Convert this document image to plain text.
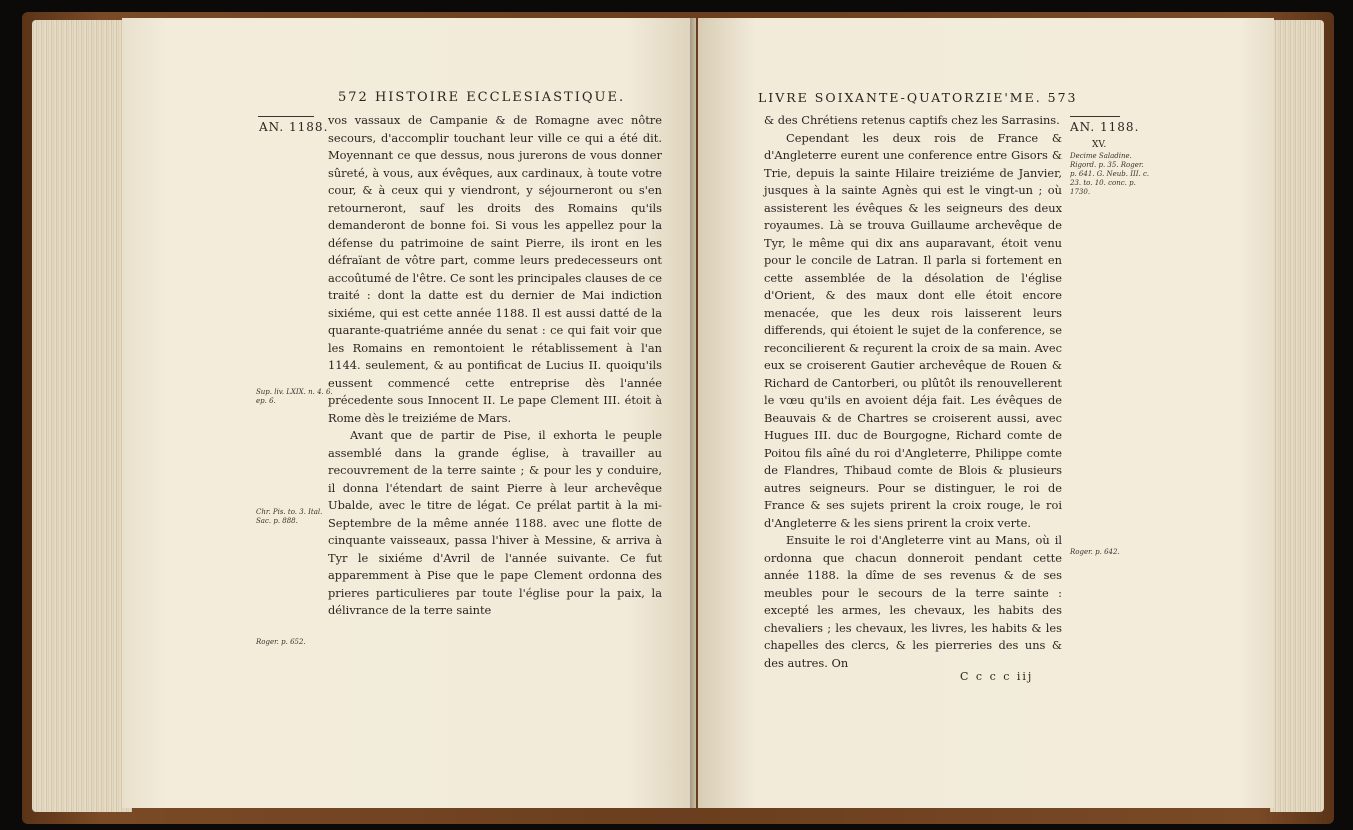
572 HISTOIRE ECCLESIASTIQUE.
AN. 1188.
Sup. liv. LXIX. n. 4. 6. ep. 6.
Chr. Pis. to. 3. Ital. Sac. p. 888.
Roger. p. 652.

vos vassaux de Campanie & de Romagne avec nôtre secours, d'accomplir touchant leur ville ce qui a été dit. Moyennant ce que dessus, nous jurerons de vous donner sûreté, à vous, aux évêques, aux cardinaux, à toute votre cour, & à ceux qui y viendront, y séjourneront ou s'en retourneront, sauf les droits des Romains qu'ils demanderont de bonne foi. Si vous les appellez pour la défense du patrimoine de saint Pierre, ils iront en les défraïant de vôtre part, comme leurs predecesseurs ont accoûtumé de l'être. Ce sont les principales clauses de ce traité : dont la datte est du dernier de Mai indiction sixiéme, qui est cette année 1188. Il est aussi datté de la quarante-quatriéme année du senat : ce qui fait voir que les Romains en remontoient le rétablissement à l'an 1144. seulement, & au pontificat de Lucius II. quoiqu'ils eussent commencé cette entreprise dès l'année précedente sous Innocent II. Le pape Clement III. étoit à Rome dès le treiziéme de Mars.

Avant que de partir de Pise, il exhorta le peuple assemblé dans la grande église, à travailler au recouvrement de la terre sainte ; & pour les y conduire, il donna l'étendart de saint Pierre à leur archevêque Ubalde, avec le titre de légat. Ce prélat partit à la mi-Septembre de la même année 1188. avec une flotte de cinquante vaisseaux, passa l'hiver à Messine, & arriva à Tyr le sixiéme d'Avril de l'année suivante. Ce fut apparemment à Pise que le pape Clement ordonna des prieres particulieres par toute l'église pour la paix, la délivrance de la terre sainte

LIVRE SOIXANTE-QUATORZIE'ME. 573
AN. 1188.
XV.
Decime Saladine. Rigord. p. 35. Roger. p. 641. G. Neub. III. c. 23. to. 10. conc. p. 1730.
Roger. p. 642.

& des Chrétiens retenus captifs chez les Sarrasins.

Cependant les deux rois de France & d'Angleterre eurent une conference entre Gisors & Trie, depuis la sainte Hilaire treiziéme de Janvier, jusques à la sainte Agnès qui est le vingt-un ; où assisterent les évêques & les seigneurs des deux royaumes. Là se trouva Guillaume archevêque de Tyr, le même qui dix ans auparavant, étoit venu pour le concile de Latran. Il parla si fortement en cette assemblée de la désolation de l'église d'Orient, & des maux dont elle étoit encore menacée, que les deux rois laisserent leurs differends, qui étoient le sujet de la conference, se reconcilierent & reçurent la croix de sa main. Avec eux se croiserent Gautier archevêque de Rouen & Richard de Cantorberi, ou plûtôt ils renouvellerent le vœu qu'ils en avoient déja fait. Les évêques de Beauvais & de Chartres se croiserent aussi, avec Hugues III. duc de Bourgogne, Richard comte de Poitou fils aîné du roi d'Angleterre, Philippe comte de Flandres, Thibaud comte de Blois & plusieurs autres seigneurs. Pour se distinguer, le roi de France & ses sujets prirent la croix rouge, le roi d'Angleterre & les siens prirent la croix verte.

Ensuite le roi d'Angleterre vint au Mans, où il ordonna que chacun donneroit pendant cette année 1188. la dîme de ses revenus & de ses meubles pour le secours de la terre sainte : excepté les armes, les chevaux, les habits des chevaliers ; les chevaux, les livres, les habits & les chapelles des clercs, & les pierreries des uns & des autres. On

C c c c iij
